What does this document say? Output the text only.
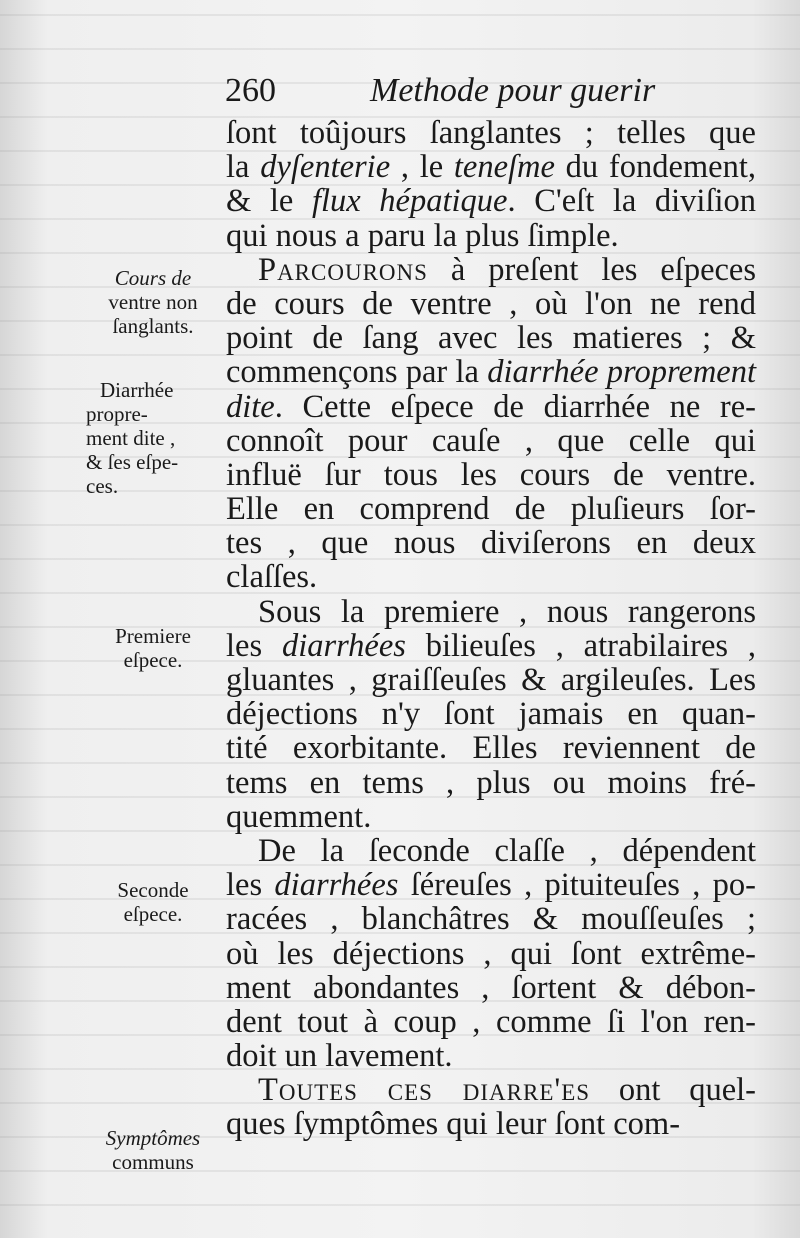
260	Methode pour guerir
ſont toûjours ſanglantes ; telles que
la dyſenterie , le teneſme du fondement,
& le flux hépatique. C'eſt la diviſion
qui nous a paru la plus ſimple.
Parcourons à preſent les eſpeces
de cours de ventre , où l'on ne rend
point de ſang avec les matieres ; &
commençons par la diarrhée proprement
dite. Cette eſpece de diarrhée ne re-
connoît pour cauſe , que celle qui
influë ſur tous les cours de ventre.
Elle en comprend de pluſieurs ſor-
tes , que nous diviſerons en deux
claſſes.
Sous la premiere , nous rangerons
les diarrhées bilieuſes , atrabilaires ,
gluantes , graiſſeuſes & argileuſes. Les
déjections n'y ſont jamais en quan-
tité exorbitante. Elles reviennent de
tems en tems , plus ou moins fré-
quemment.
De la ſeconde claſſe , dépendent
les diarrhées ſéreuſes , pituiteuſes , po-
racées , blanchâtres & mouſſeuſes ;
où les déjections , qui ſont extrême-
ment abondantes , ſortent & débon-
dent tout à coup , comme ſi l'on ren-
doit un lavement.
Toutes ces diarre'es ont quel-
ques ſymptômes qui leur ſont com-
Cours de
ventre non
ſanglants.
Diarrhée
propre-
ment dite ,
& ſes eſpe-
ces.
Premiere
eſpece.
Seconde
eſpece.
Symptômes
communs
